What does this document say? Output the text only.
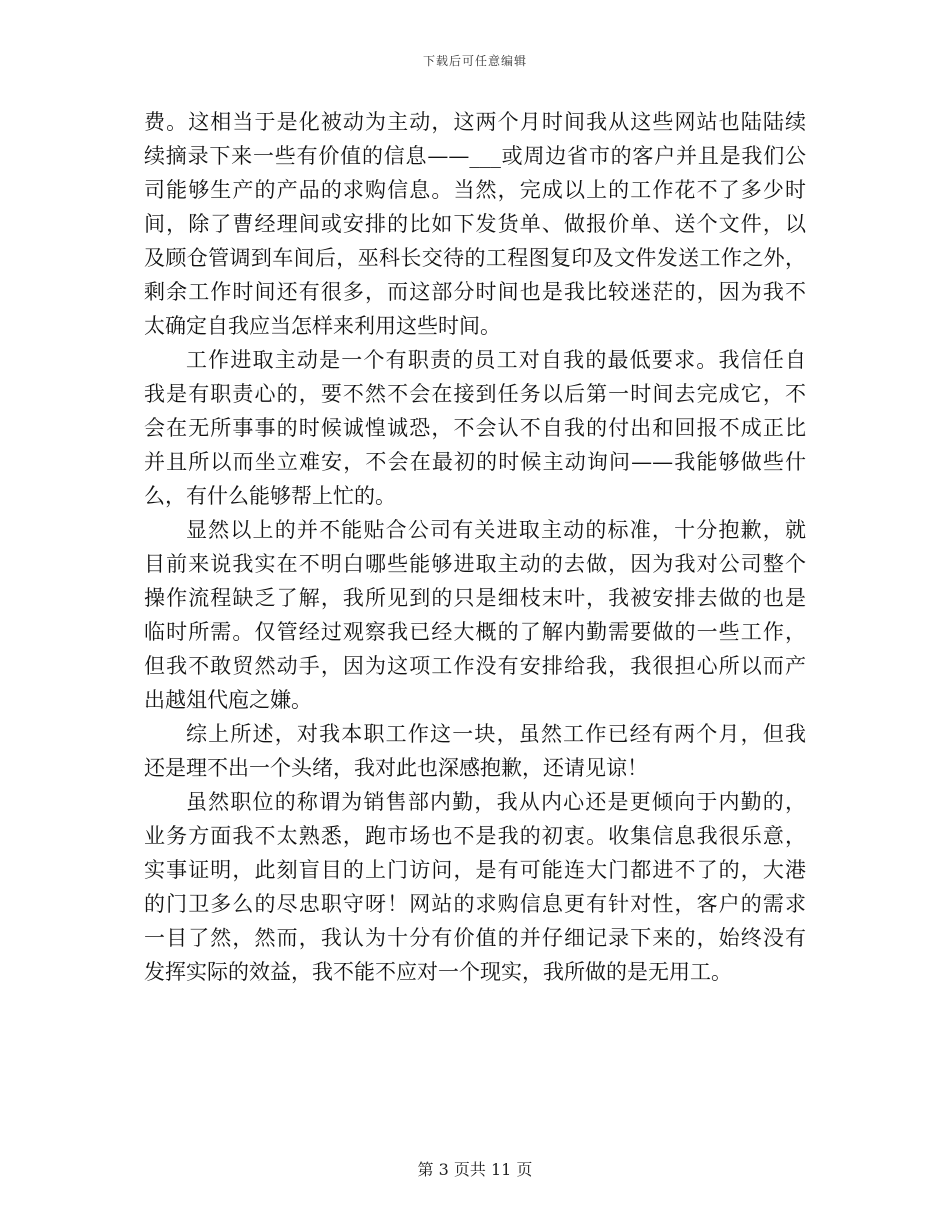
下载后可任意编辑
费。这相当于是化被动为主动，这两个月时间我从这些网站也陆陆续
续摘录下来一些有价值的信息——___或周边省市的客户并且是我们公
司能够生产的产品的求购信息。当然，完成以上的工作花不了多少时
间，除了曹经理间或安排的比如下发货单、做报价单、送个文件，以
及顾仓管调到车间后，巫科长交待的工程图复印及文件发送工作之外，
剩余工作时间还有很多，而这部分时间也是我比较迷茫的，因为我不
太确定自我应当怎样来利用这些时间。
工作进取主动是一个有职责的员工对自我的最低要求。我信任自
我是有职责心的，要不然不会在接到任务以后第一时间去完成它，不
会在无所事事的时候诚惶诚恐，不会认不自我的付出和回报不成正比
并且所以而坐立难安，不会在最初的时候主动询问——我能够做些什
么，有什么能够帮上忙的。
显然以上的并不能贴合公司有关进取主动的标准，十分抱歉，就
目前来说我实在不明白哪些能够进取主动的去做，因为我对公司整个
操作流程缺乏了解，我所见到的只是细枝末叶，我被安排去做的也是
临时所需。仅管经过观察我已经大概的了解内勤需要做的一些工作，
但我不敢贸然动手，因为这项工作没有安排给我，我很担心所以而产
出越俎代庖之嫌。
综上所述，对我本职工作这一块，虽然工作已经有两个月，但我
还是理不出一个头绪，我对此也深感抱歉，还请见谅！
虽然职位的称谓为销售部内勤，我从内心还是更倾向于内勤的，
业务方面我不太熟悉，跑市场也不是我的初衷。收集信息我很乐意，
实事证明，此刻盲目的上门访问，是有可能连大门都进不了的，大港
的门卫多么的尽忠职守呀！网站的求购信息更有针对性，客户的需求
一目了然，然而，我认为十分有价值的并仔细记录下来的，始终没有
发挥实际的效益，我不能不应对一个现实，我所做的是无用工。
第 3 页共 11 页
